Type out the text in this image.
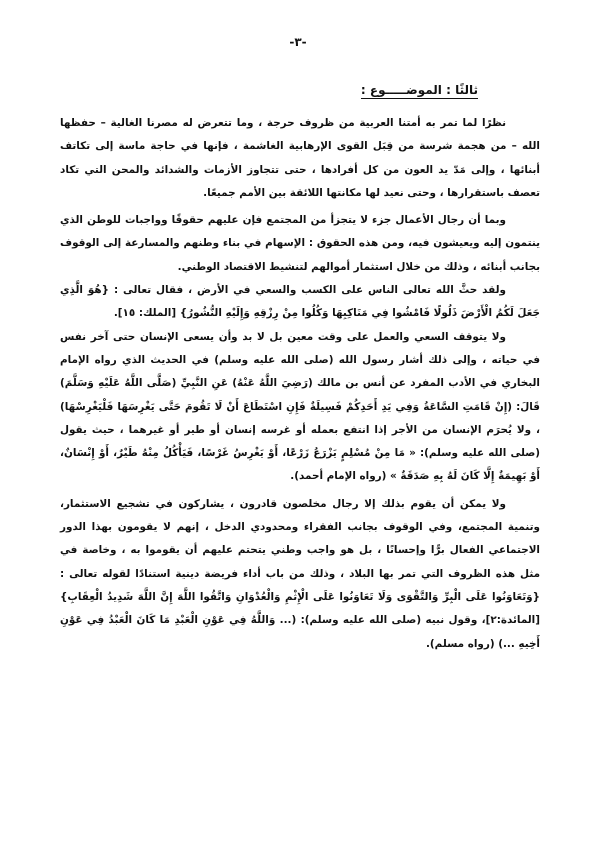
-٣-
ثالثًا : الموضـــــوع :

نظرًا لما تمر به أمتنا العربية من ظروف حرجة ، وما تتعرض له مصرنا الغالية – حفظها الله – من هجمة شرسة من قِبَل القوى الإرهابية الغاشمة ، فإنها في حاجة ماسة إلى تكاتف أبنائها ، وإلى مَدّ يد العون من كل أفرادها ، حتى تتجاوز الأزمات والشدائد والمحن التي تكاد تعصف باستقرارها ، وحتى نعيد لها مكانتها اللائقة بين الأمم جميعًا.

وبما أن رجال الأعمال جزء لا يتجزأ من المجتمع فإن عليهم حقوقًا وواجبات للوطن الذي ينتمون إليه ويعيشون فيه، ومن هذه الحقوق : الإسهام في بناء وطنهم والمسارعة إلى الوقوف بجانب أبنائه ، وذلك من خلال استثمار أموالهم لتنشيط الاقتصاد الوطني.

ولقد حثَّ الله تعالى الناس على الكسب والسعي في الأرض ، فقال تعالى : {هُوَ الَّذِي جَعَلَ لَكُمُ الْأَرْضَ ذَلُولًا فَامْشُوا فِي مَنَاكِبِهَا وَكُلُوا مِنْ رِزْقِهِ وَإِلَيْهِ النُّشُورُ} [الملك: ١٥].

ولا يتوقف السعي والعمل على وقت معين بل لا بد وأن يسعى الإنسان حتى آخر نفس في حياته ، وإلى ذلك أشار رسول الله (صلى الله عليه وسلم) في الحديث الذي رواه الإمام البخاري في الأدب المفرد عن أنس بن مالك (رَضِيَ اللَّهُ عَنْهُ) عَنِ النَّبِيِّ (صَلَّى اللَّهُ عَلَيْهِ وَسَلَّمَ) قَالَ: (إِنْ قَامَتِ السَّاعَةُ وَفِي يَدِ أَحَدِكُمْ فَسِيلَةٌ فَإِنِ اسْتَطَاعَ أَنْ لَا تَقُومَ حَتَّى يَغْرِسَهَا فَلْيَغْرِسْهَا) ، ولا يُحرَم الإنسان من الأجر إذا انتفع بعمله أو غرسه إنسان أو طير أو غيرهما ، حيث يقول (صلى الله عليه وسلم): « مَا مِنْ مُسْلِمٍ يَزْرَعُ زَرْعًا، أَوْ يَغْرِسُ غَرْسًا، فَيَأْكُلُ مِنْهُ طَيْرٌ، أَوْ إِنْسَانٌ، أَوْ بَهِيمَةٌ إِلَّا كَانَ لَهُ بِهِ صَدَقَةٌ » (رواه الإمام أحمد).

ولا يمكن أن يقوم بذلك إلا رجال مخلصون قادرون ، يشاركون في تشجيع الاستثمار، وتنمية المجتمع، وفي الوقوف بجانب الفقراء ومحدودي الدخل ، إنهم لا يقومون بهذا الدور الاجتماعي الفعال برًّا وإحسانًا ، بل هو واجب وطني يتحتم عليهم أن يقوموا به ، وخاصة في مثل هذه الظروف التي تمر بها البلاد ، وذلك من باب أداء فريضة دينية استنادًا لقوله تعالى : {وَتَعَاوَنُوا عَلَى الْبِرِّ وَالتَّقْوَى وَلَا تَعَاوَنُوا عَلَى الْإِثْمِ وَالْعُدْوَانِ وَاتَّقُوا اللَّهَ إِنَّ اللَّهَ شَدِيدُ الْعِقَابِ} [المائدة:٢]، وقول نبيه (صلى الله عليه وسلم): (... وَاللَّهُ فِي عَوْنِ الْعَبْدِ مَا كَانَ الْعَبْدُ فِي عَوْنِ أَخِيهِ ...) (رواه مسلم).
